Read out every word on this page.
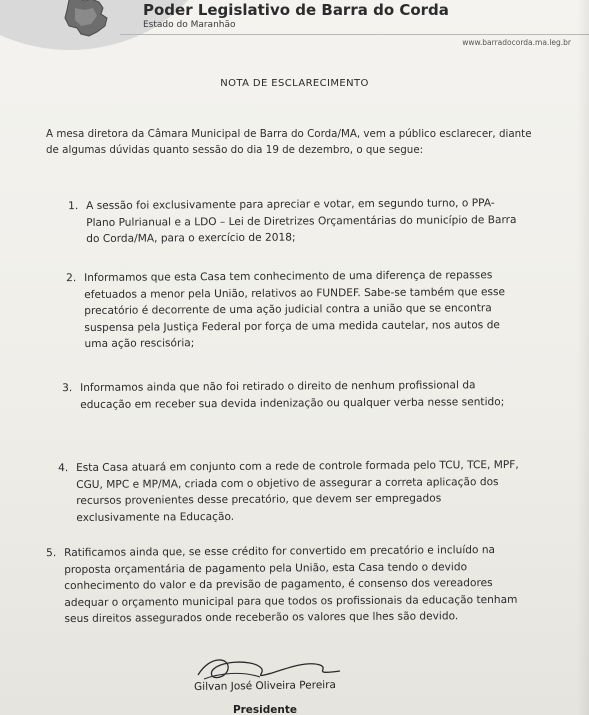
Poder Legislativo de Barra do Corda
Estado do Maranhão
www.barradocorda.ma.leg.br
NOTA DE ESCLARECIMENTO
A mesa diretora da Câmara Municipal de Barra do Corda/MA, vem a público esclarecer, diante de algumas dúvidas quanto sessão do dia 19 de dezembro, o que segue:
1. A sessão foi exclusivamente para apreciar e votar, em segundo turno, o PPA- Plano Pulrianual e a LDO – Lei de Diretrizes Orçamentárias do município de Barra do Corda/MA, para o exercício de 2018;
2. Informamos que esta Casa tem conhecimento de uma diferença de repasses efetuados a menor pela União, relativos ao FUNDEF. Sabe-se também que esse precatório é decorrente de uma ação judicial contra a união que se encontra suspensa pela Justiça Federal por força de uma medida cautelar, nos autos de uma ação rescisória;
3. Informamos ainda que não foi retirado o direito de nenhum profissional da educação em receber sua devida indenização ou qualquer verba nesse sentido;
4. Esta Casa atuará em conjunto com a rede de controle formada pelo TCU, TCE, MPF, CGU, MPC e MP/MA, criada com o objetivo de assegurar a correta aplicação dos recursos provenientes desse precatório, que devem ser empregados exclusivamente na Educação.
5. Ratificamos ainda que, se esse crédito for convertido em precatório e incluído na proposta orçamentária de pagamento pela União, esta Casa tendo o devido conhecimento do valor e da previsão de pagamento, é consenso dos vereadores adequar o orçamento municipal para que todos os profissionais da educação tenham seus direitos assegurados onde receberão os valores que lhes são devido.
Gilvan José Oliveira Pereira
Presidente
